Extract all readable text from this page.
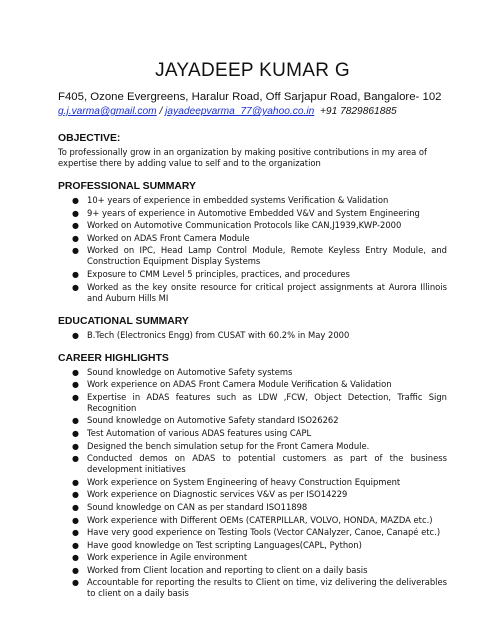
JAYADEEP KUMAR G

F405, Ozone Evergreens, Haralur Road, Off Sarjapur Road, Bangalore- 102

g.j.varma@gmail.com / jayadeepvarma_77@yahoo.co.in +91 7829861885

OBJECTIVE:

To professionally grow in an organization by making positive contributions in my area of expertise there by adding value to self and to the organization

PROFESSIONAL SUMMARY
● 10+ years of experience in embedded systems Verification & Validation
● 9+ years of experience in Automotive Embedded V&V and System Engineering
● Worked on Automotive Communication Protocols like CAN,J1939,KWP-2000
● Worked on ADAS Front Camera Module
● Worked on IPC, Head Lamp Control Module, Remote Keyless Entry Module, and Construction Equipment Display Systems
● Exposure to CMM Level 5 principles, practices, and procedures
● Worked as the key onsite resource for critical project assignments at Aurora Illinois and Auburn Hills MI
EDUCATIONAL SUMMARY
● B.Tech (Electronics Engg) from CUSAT with 60.2% in May 2000
CAREER HIGHLIGHTS
● Sound knowledge on Automotive Safety systems
● Work experience on ADAS Front Camera Module Verification & Validation
● Expertise in ADAS features such as LDW ,FCW, Object Detection, Traffic Sign Recognition
● Sound knowledge on Automotive Safety standard ISO26262
● Test Automation of various ADAS features using CAPL
● Designed the bench simulation setup for the Front Camera Module.
● Conducted demos on ADAS to potential customers as part of the business development initiatives
● Work experience on System Engineering of heavy Construction Equipment
● Work experience on Diagnostic services V&V as per ISO14229
● Sound knowledge on CAN as per standard ISO11898
● Work experience with Different OEMs (CATERPILLAR, VOLVO, HONDA, MAZDA etc.)
● Have very good experience on Testing Tools (Vector CANalyzer, Canoe, Canapé etc.)
● Have good knowledge on Test scripting Languages(CAPL, Python)
● Work experience in Agile environment
● Worked from Client location and reporting to client on a daily basis
● Accountable for reporting the results to Client on time, viz delivering the deliverables to client on a daily basis
